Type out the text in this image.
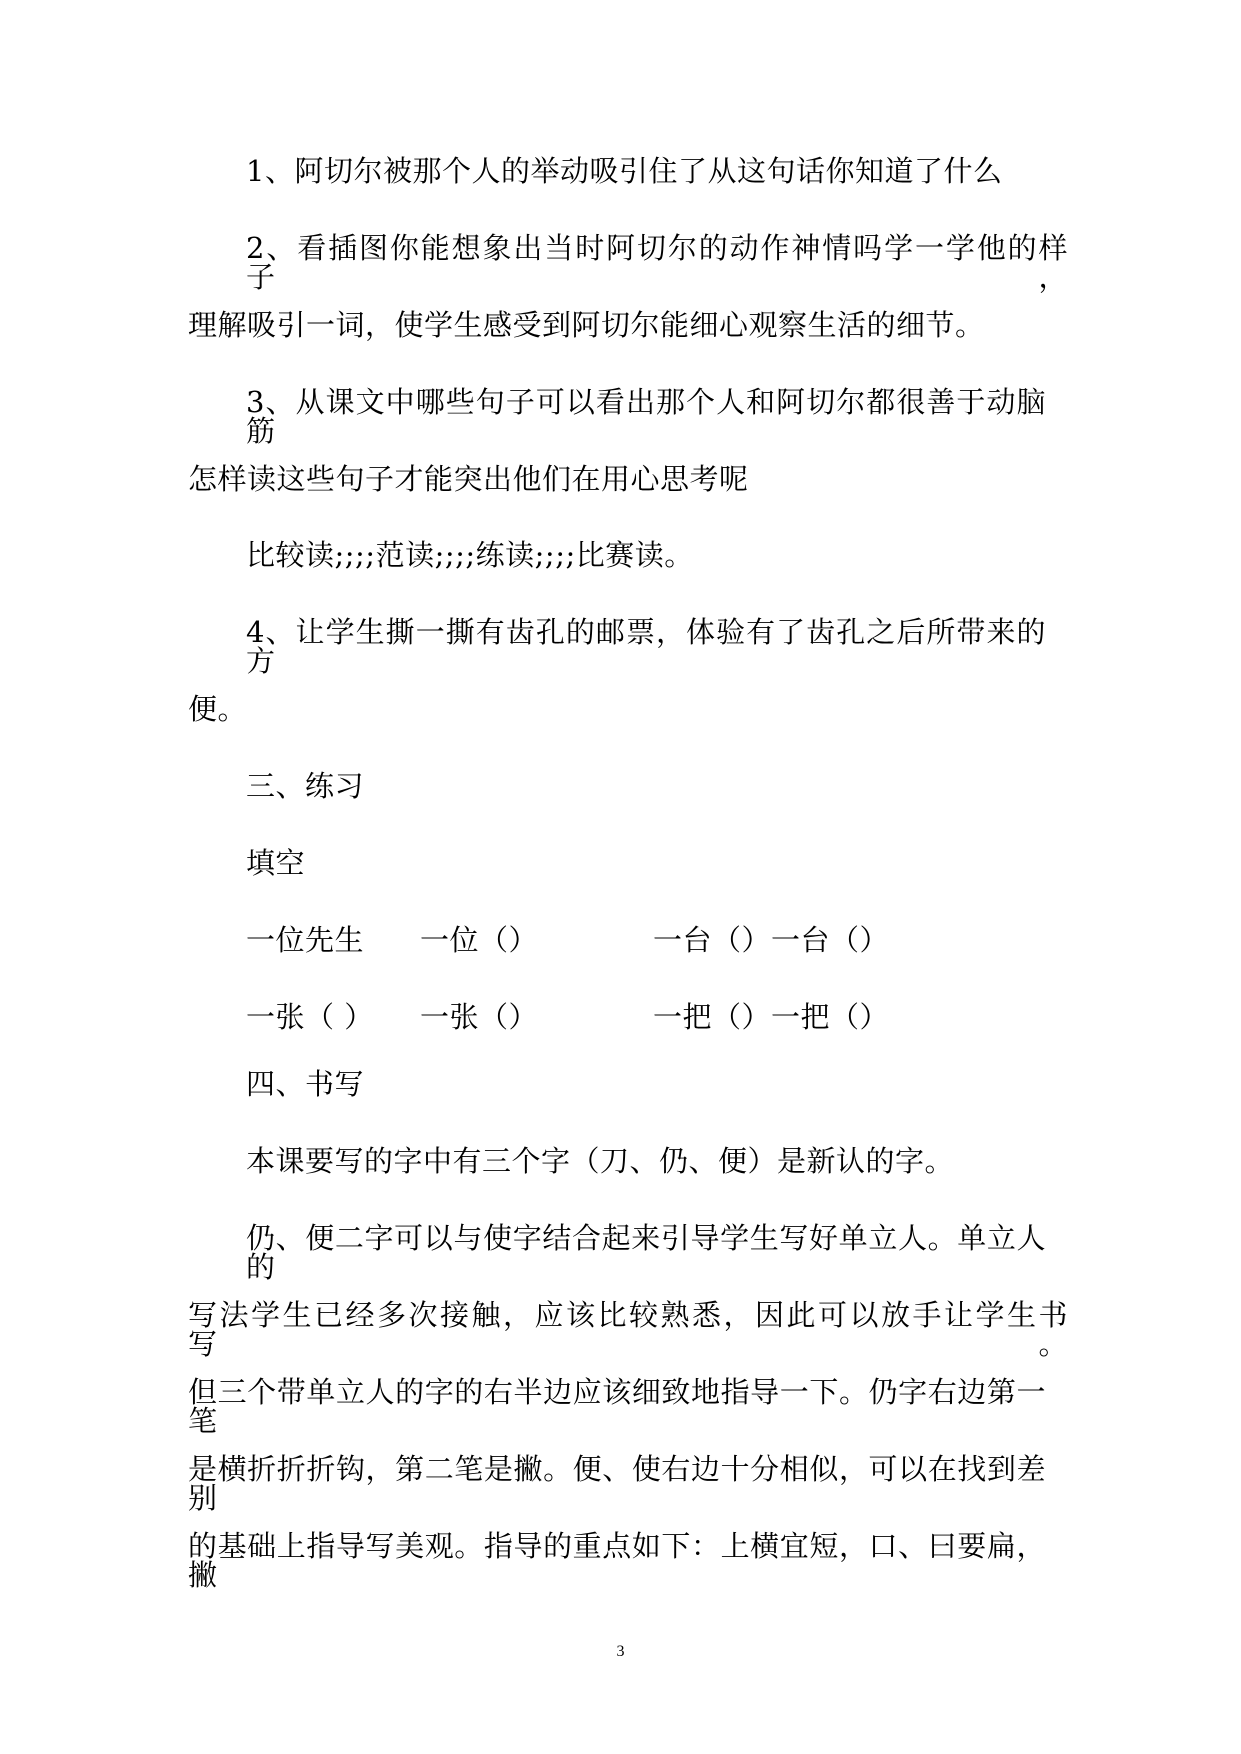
1、阿切尔被那个人的举动吸引住了从这句话你知道了什么
2、看插图你能想象出当时阿切尔的动作神情吗学一学他的样子，
理解吸引一词，使学生感受到阿切尔能细心观察生活的细节。
3、从课文中哪些句子可以看出那个人和阿切尔都很善于动脑筋
怎样读这些句子才能突出他们在用心思考呢
比较读;;;;范读;;;;练读;;;;比赛读。
4、让学生撕一撕有齿孔的邮票，体验有了齿孔之后所带来的方
便。
三、练习
填空
一位先生 一位（）	一台（）一台（）
一张（ ） 一张（）	一把（）一把（）
四、书写
本课要写的字中有三个字（刀、仍、便）是新认的字。
仍、便二字可以与使字结合起来引导学生写好单立人。单立人的
写法学生已经多次接触，应该比较熟悉，因此可以放手让学生书写。
但三个带单立人的字的右半边应该细致地指导一下。仍字右边第一笔
是横折折折钩，第二笔是撇。便、使右边十分相似，可以在找到差别
的基础上指导写美观。指导的重点如下：上横宜短，口、曰要扁，撇
3
